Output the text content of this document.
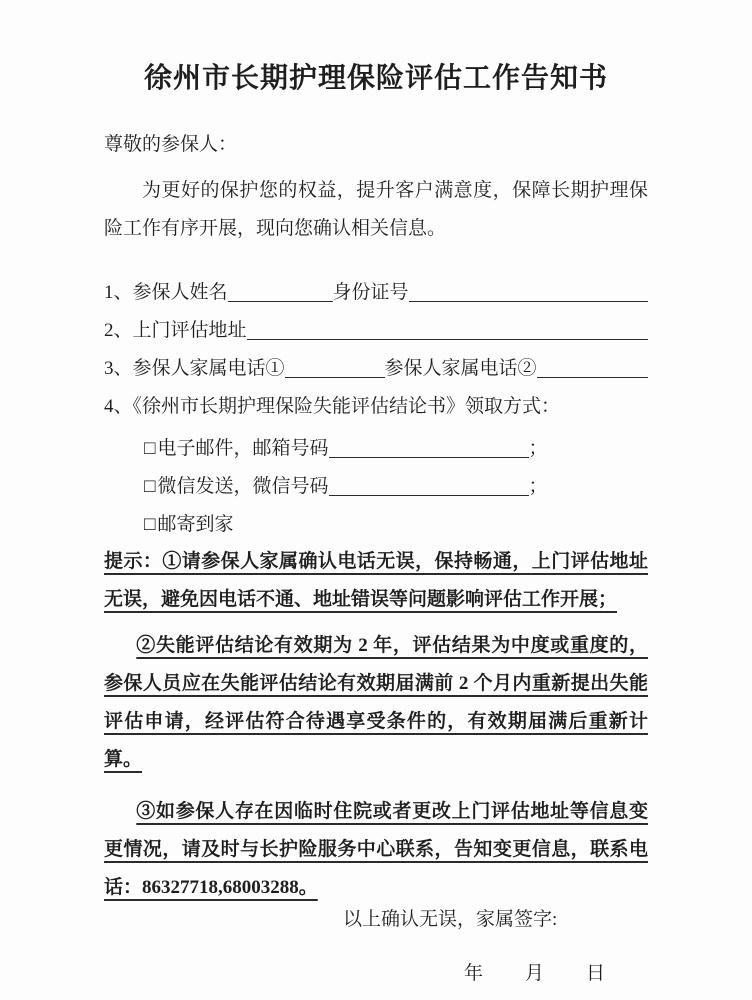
徐州市长期护理保险评估工作告知书
尊敬的参保人：

为更好的保护您的权益，提升客户满意度，保障长期护理保险工作有序开展，现向您确认相关信息。

1、参保人姓名	身份证号
2、上门评估地址
3、参保人家属电话①	参保人家属电话②
4、《徐州市长期护理保险失能评估结论书》领取方式：
□ 电子邮件，邮箱号码	；
□ 微信发送，微信号码	；
□ 邮寄到家

提示：①请参保人家属确认电话无误，保持畅通，上门评估地址无误，避免因电话不通、地址错误等问题影响评估工作开展；

②失能评估结论有效期为 2 年，评估结果为中度或重度的，参保人员应在失能评估结论有效期届满前 2 个月内重新提出失能评估申请，经评估符合待遇享受条件的，有效期届满后重新计算。

③如参保人存在因临时住院或者更改上门评估地址等信息变更情况，请及时与长护险服务中心联系，告知变更信息，联系电话：86327718,68003288。

以上确认无误，家属签字:
年 月 日
